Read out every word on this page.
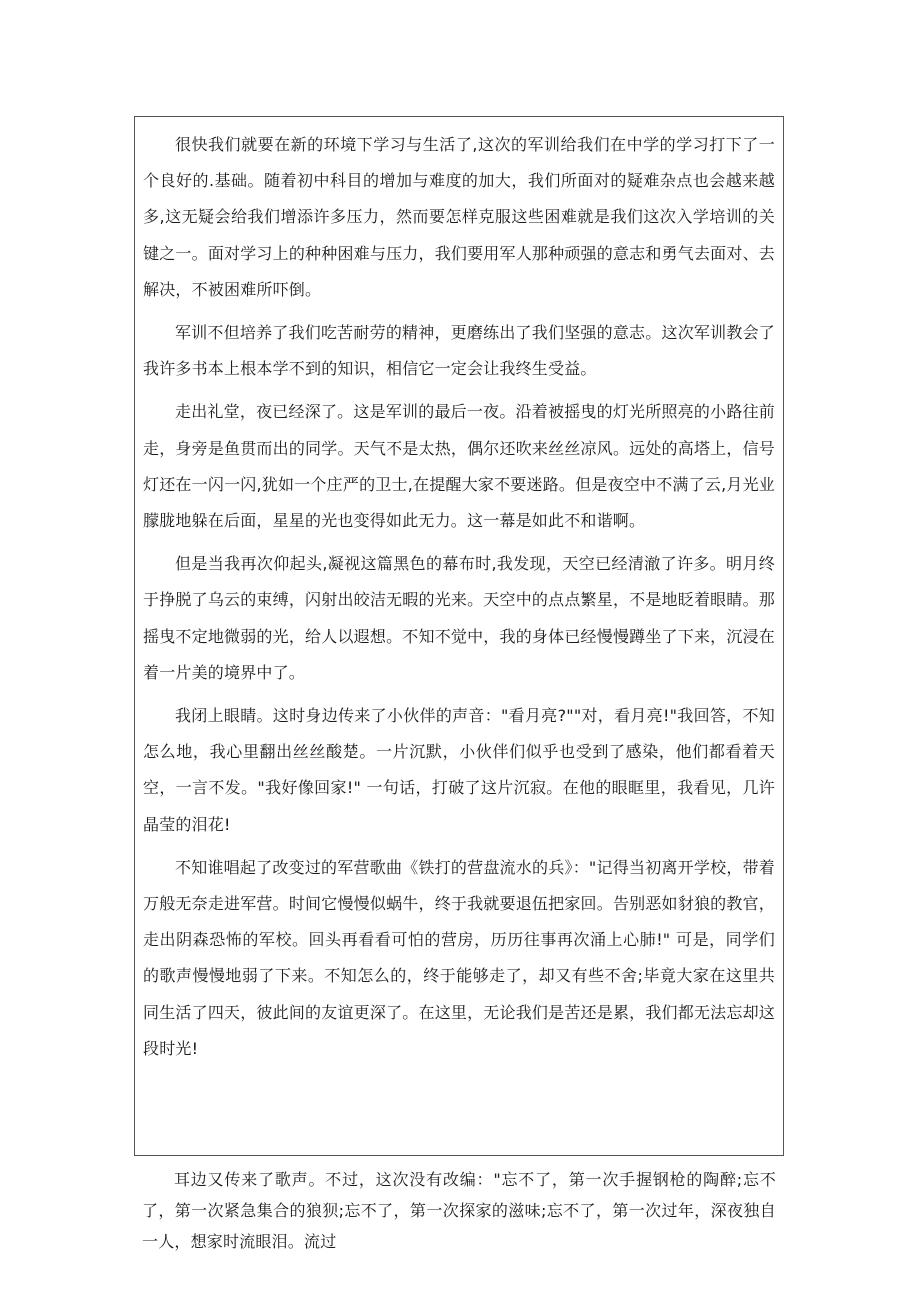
很快我们就要在新的环境下学习与生活了,这次的军训给我们在中学的学习打下了一个良好的.基础。随着初中科目的增加与难度的加大，我们所面对的疑难杂点也会越来越多,这无疑会给我们增添许多压力，然而要怎样克服这些困难就是我们这次入学培训的关键之一。面对学习上的种种困难与压力，我们要用军人那种顽强的意志和勇气去面对、去解决，不被困难所吓倒。

军训不但培养了我们吃苦耐劳的精神，更磨练出了我们坚强的意志。这次军训教会了我许多书本上根本学不到的知识，相信它一定会让我终生受益。

走出礼堂，夜已经深了。这是军训的最后一夜。沿着被摇曳的灯光所照亮的小路往前走，身旁是鱼贯而出的同学。天气不是太热，偶尔还吹来丝丝凉风。远处的高塔上，信号灯还在一闪一闪,犹如一个庄严的卫士,在提醒大家不要迷路。但是夜空中不满了云,月光业朦胧地躲在后面，星星的光也变得如此无力。这一幕是如此不和谐啊。

但是当我再次仰起头,凝视这篇黑色的幕布时,我发现，天空已经清澈了许多。明月终于挣脱了乌云的束缚，闪射出皎洁无暇的光来。天空中的点点繁星，不是地眨着眼睛。那摇曳不定地微弱的光，给人以遐想。不知不觉中，我的身体已经慢慢蹲坐了下来，沉浸在着一片美的境界中了。

我闭上眼睛。这时身边传来了小伙伴的声音："看月亮?""对，看月亮!"我回答，不知怎么地，我心里翻出丝丝酸楚。一片沉默，小伙伴们似乎也受到了感染，他们都看着天空，一言不发。"我好像回家!" 一句话，打破了这片沉寂。在他的眼眶里，我看见，几许晶莹的泪花!

不知谁唱起了改变过的军营歌曲《铁打的营盘流水的兵》："记得当初离开学校，带着万般无奈走进军营。时间它慢慢似蜗牛，终于我就要退伍把家回。告别恶如豺狼的教官，走出阴森恐怖的军校。回头再看看可怕的营房，历历往事再次涌上心肺!" 可是，同学们的歌声慢慢地弱了下来。不知怎么的，终于能够走了，却又有些不舍;毕竟大家在这里共同生活了四天，彼此间的友谊更深了。在这里，无论我们是苦还是累，我们都无法忘却这段时光!

耳边又传来了歌声。不过，这次没有改编："忘不了，第一次手握钢枪的陶醉;忘不了，第一次紧急集合的狼狈;忘不了，第一次探家的滋味;忘不了，第一次过年，深夜独自一人，想家时流眼泪。流过
